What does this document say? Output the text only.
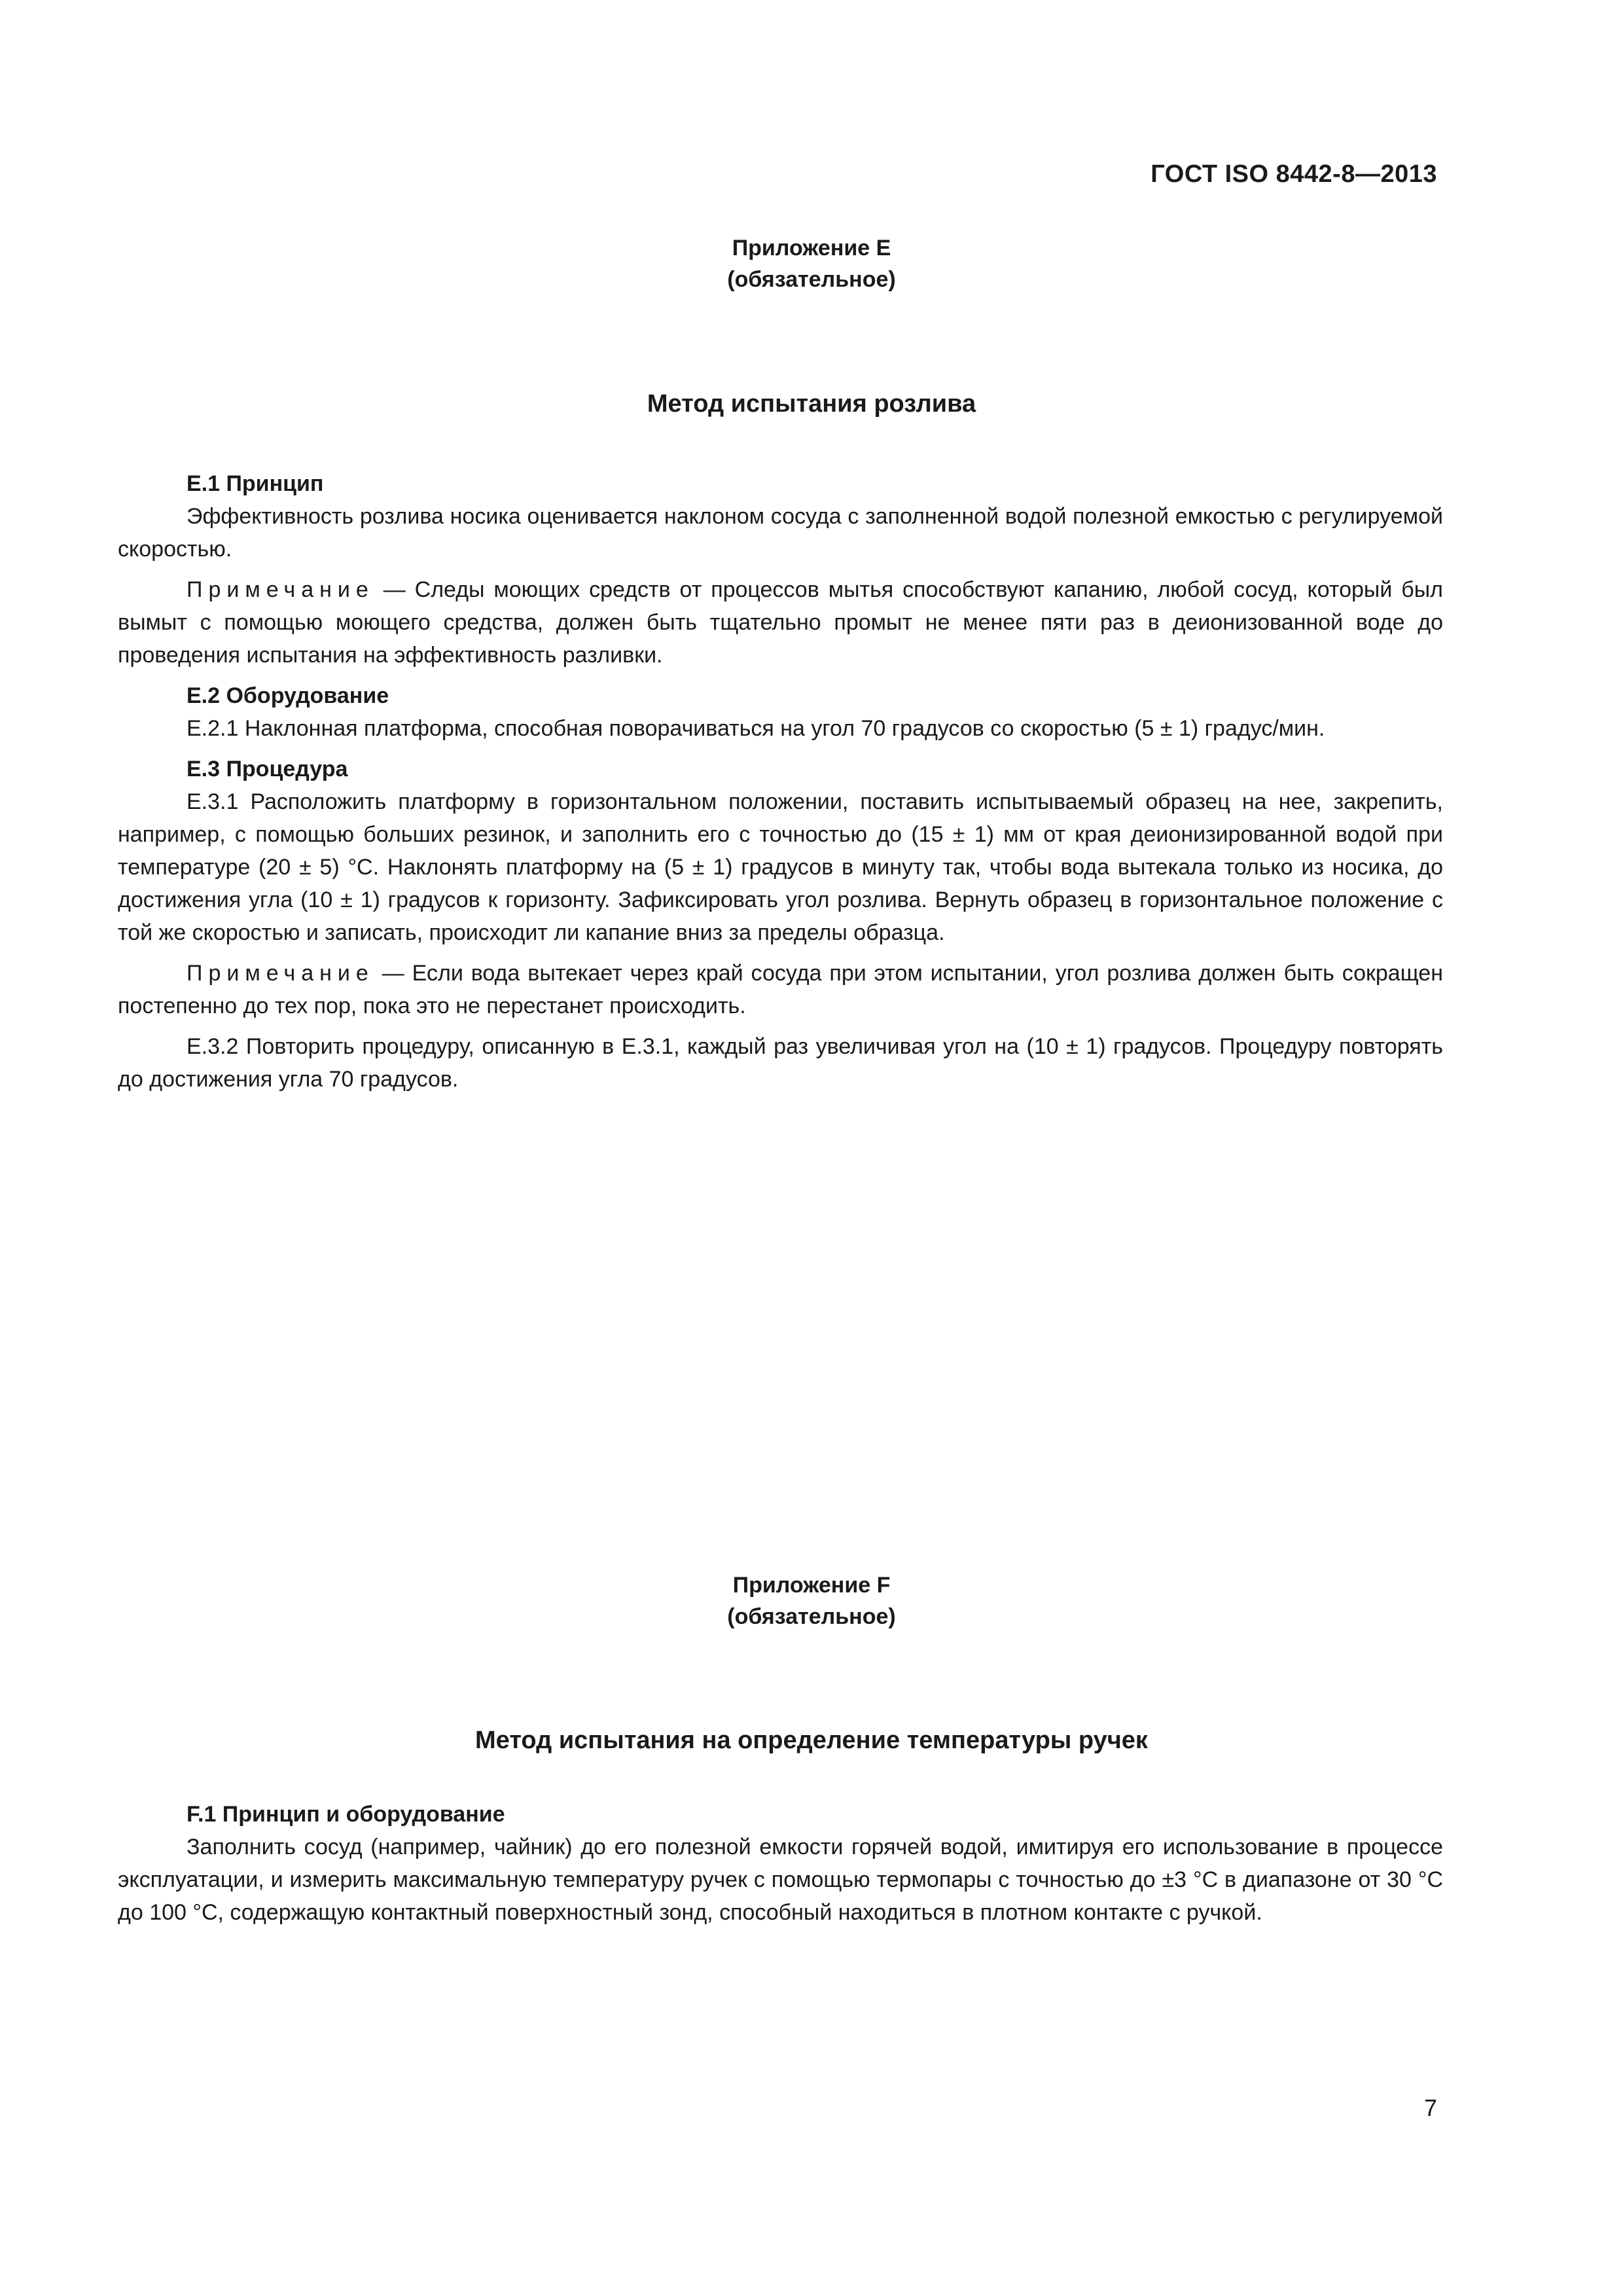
ГОСТ ISO 8442-8—2013
Приложение E
(обязательное)
Метод испытания розлива

E.1 Принцип

Эффективность розлива носика оценивается наклоном сосуда с заполненной водой полезной емкостью с регулируемой скоростью.

Примечание — Следы моющих средств от процессов мытья способствуют капанию, любой сосуд, который был вымыт с помощью моющего средства, должен быть тщательно промыт не менее пяти раз в деионизованной воде до проведения испытания на эффективность разливки.

E.2 Оборудование

E.2.1 Наклонная платформа, способная поворачиваться на угол 70 градусов со скоростью (5 ± 1) градус/мин.

E.3 Процедура

E.3.1 Расположить платформу в горизонтальном положении, поставить испытываемый образец на нее, закрепить, например, с помощью больших резинок, и заполнить его с точностью до (15 ± 1) мм от края деионизированной водой при температуре (20 ± 5) °C. Наклонять платформу на (5 ± 1) градусов в минуту так, чтобы вода вытекала только из носика, до достижения угла (10 ± 1) градусов к горизонту. Зафиксировать угол розлива. Вернуть образец в горизонтальное положение с той же скоростью и записать, происходит ли капание вниз за пределы образца.

Примечание — Если вода вытекает через край сосуда при этом испытании, угол розлива должен быть сокращен постепенно до тех пор, пока это не перестанет происходить.

E.3.2 Повторить процедуру, описанную в E.3.1, каждый раз увеличивая угол на (10 ± 1) градусов. Процедуру повторять до достижения угла 70 градусов.

Приложение F
(обязательное)
Метод испытания на определение температуры ручек

F.1 Принцип и оборудование

Заполнить сосуд (например, чайник) до его полезной емкости горячей водой, имитируя его использование в процессе эксплуатации, и измерить максимальную температуру ручек с помощью термопары с точностью до ±3 °C в диапазоне от 30 °C до 100 °C, содержащую контактный поверхностный зонд, способный находиться в плотном контакте с ручкой.

7
